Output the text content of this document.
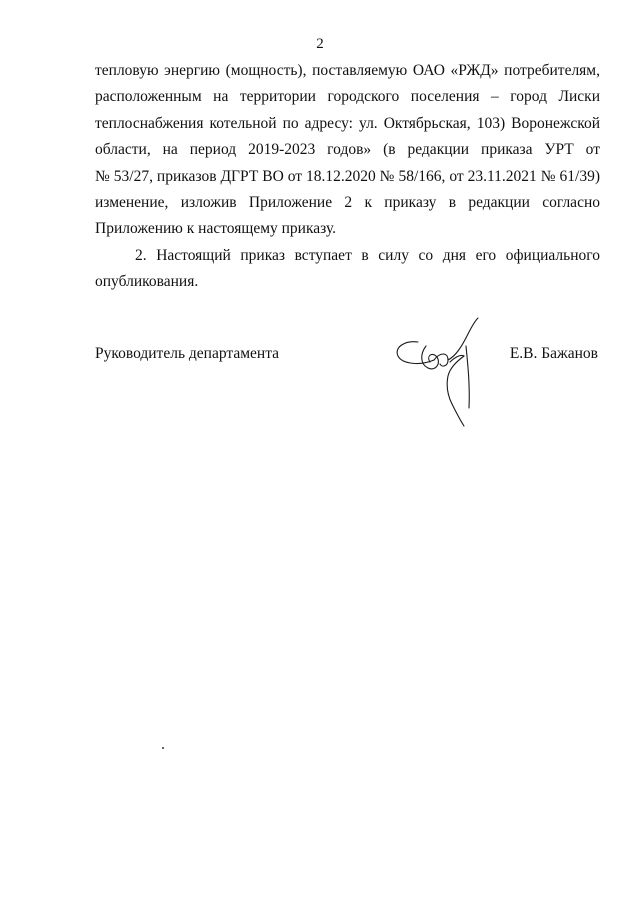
2
тепловую энергию (мощность), поставляемую ОАО «РЖД» потребителям,
расположенным на территории городского поселения – город Лиски
теплоснабжения котельной по адресу: ул. Октябрьская, 103) Воронежской
области, на период 2019-2023 годов» (в редакции приказа УРТ от
№ 53/27, приказов ДГРТ ВО от 18.12.2020 № 58/166, от 23.11.2021 № 61/39)
изменение, изложив Приложение 2 к приказу в редакции согласно
Приложению к настоящему приказу.
2. Настоящий приказ вступает в силу со дня его официального
опубликования.
Руководитель департамента	Е.В. Бажанов
